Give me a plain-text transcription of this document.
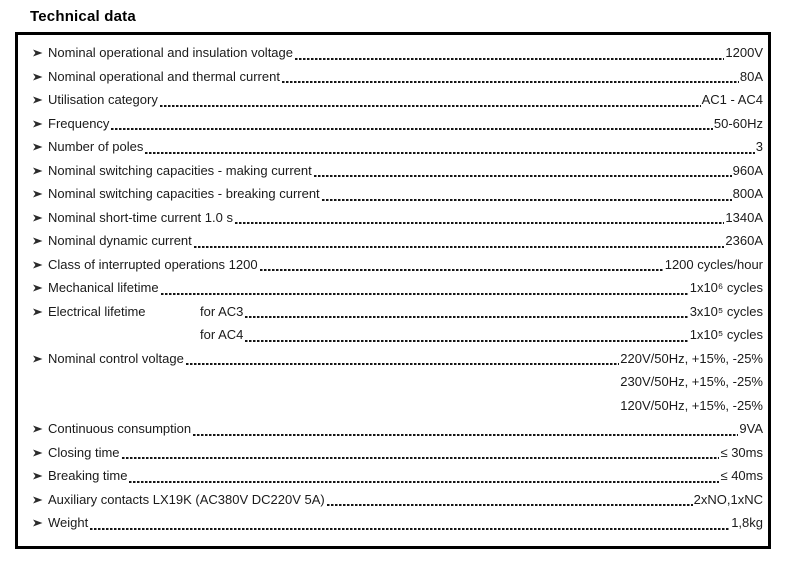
Technical data
Nominal operational and insulation voltage	1200V
Nominal operational and thermal current	80A
Utilisation category	AC1 - AC4
Frequency	50-60Hz
Number of poles	3
Nominal switching capacities - making current	960A
Nominal switching capacities - breaking current	800A
Nominal short-time current 1.0 s	1340A
Nominal dynamic current	2360A
Class of interrupted operations 1200	1200 cycles/hour
Mechanical lifetime	1x10⁶ cycles
Electrical lifetime	for AC3	3x10⁵ cycles
for AC4	1x10⁵ cycles
Nominal control voltage	220V/50Hz, +15%, -25%
230V/50Hz, +15%, -25%
120V/50Hz, +15%, -25%
Continuous consumption	9VA
Closing time	≤ 30ms
Breaking time	≤ 40ms
Auxiliary contacts LX19K (AC380V DC220V 5A)	2xNO,1xNC
Weight	1,8kg
